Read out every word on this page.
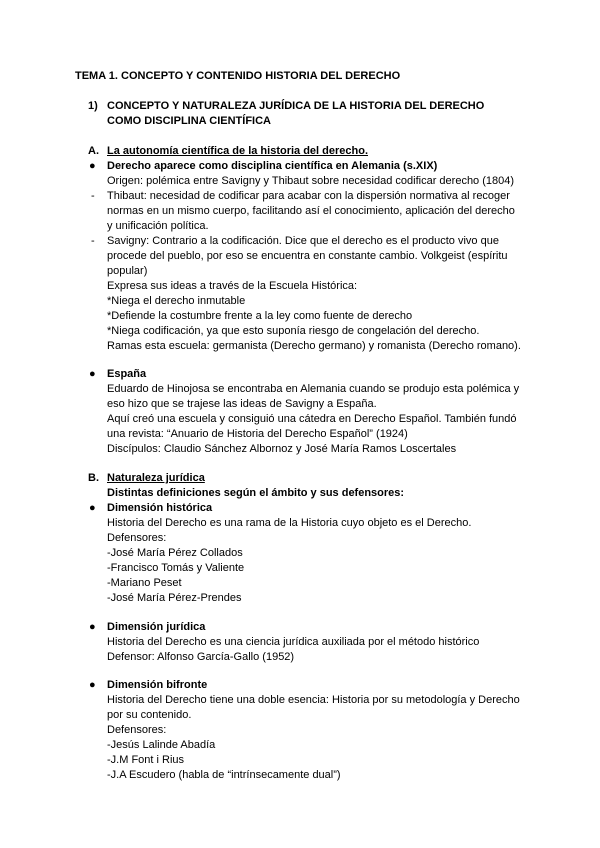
TEMA 1. CONCEPTO Y CONTENIDO HISTORIA DEL DERECHO
1) CONCEPTO Y NATURALEZA JURÍDICA DE LA HISTORIA DEL DERECHO
COMO DISCIPLINA CIENTÍFICA
A. La autonomía científica de la historia del derecho.
● Derecho aparece como disciplina científica en Alemania (s.XIX)
Origen: polémica entre Savigny y Thibaut sobre necesidad codificar derecho (1804)
- Thibaut: necesidad de codificar para acabar con la dispersión normativa al recoger
normas en un mismo cuerpo, facilitando así el conocimiento, aplicación del derecho
y unificación política.
- Savigny: Contrario a la codificación. Dice que el derecho es el producto vivo que
procede del pueblo, por eso se encuentra en constante cambio. Volkgeist (espíritu
popular)
Expresa sus ideas a través de la Escuela Histórica:
*Niega el derecho inmutable
*Defiende la costumbre frente a la ley como fuente de derecho
*Niega codificación, ya que esto suponía riesgo de congelación del derecho.
Ramas esta escuela: germanista (Derecho germano) y romanista (Derecho romano).
● España
Eduardo de Hinojosa se encontraba en Alemania cuando se produjo esta polémica y
eso hizo que se trajese las ideas de Savigny a España.
Aquí creó una escuela y consiguió una cátedra en Derecho Español. También fundó
una revista: “Anuario de Historia del Derecho Español” (1924)
Discípulos: Claudio Sánchez Albornoz y José María Ramos Loscertales
B. Naturaleza jurídica
Distintas definiciones según el ámbito y sus defensores:
● Dimensión histórica
Historia del Derecho es una rama de la Historia cuyo objeto es el Derecho.
Defensores:
-José María Pérez Collados
-Francisco Tomás y Valiente
-Mariano Peset
-José María Pérez-Prendes
● Dimensión jurídica
Historia del Derecho es una ciencia jurídica auxiliada por el método histórico
Defensor: Alfonso García-Gallo (1952)
● Dimensión bifronte
Historia del Derecho tiene una doble esencia: Historia por su metodología y Derecho
por su contenido.
Defensores:
-Jesús Lalinde Abadía
-J.M Font i Rius
-J.A Escudero (habla de “intrínsecamente dual”)
